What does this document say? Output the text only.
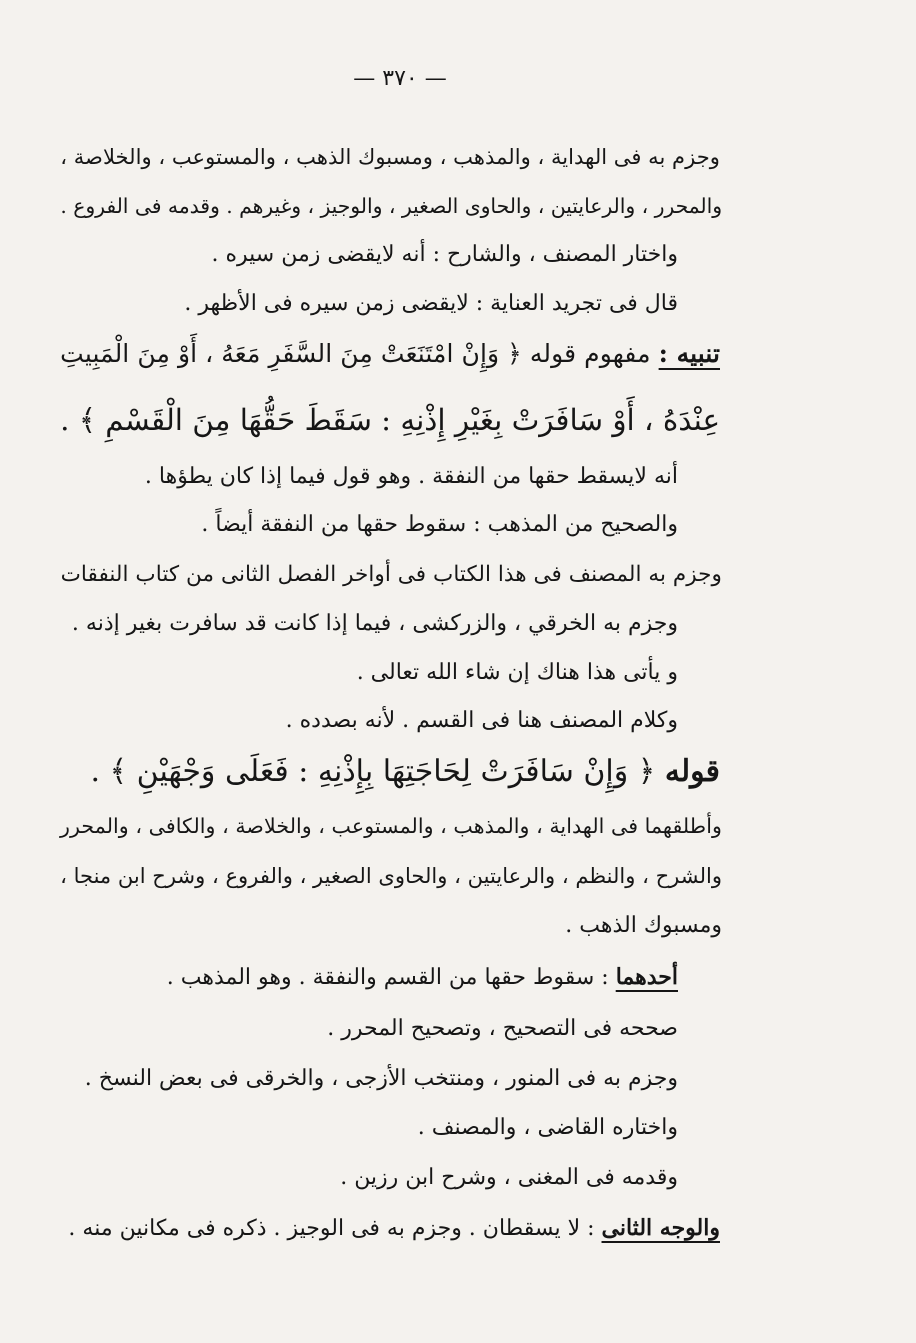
— ٣٧٠ —
وجزم به فى الهداية ، والمذهب ، ومسبوك الذهب ، والمستوعب ، والخلاصة ،
والمحرر ، والرعايتين ، والحاوى الصغير ، والوجيز ، وغيرهم . وقدمه فى الفروع .
واختار المصنف ، والشارح : أنه لايقضى زمن سيره .
قال فى تجريد العناية : لايقضى زمن سيره فى الأظهر .
تنبيه : مفهوم قوله ﴿ وَإِنْ امْتَنَعَتْ مِنَ السَّفَرِ مَعَهُ ، أَوْ مِنَ الْمَبِيتِ
عِنْدَهُ ، أَوْ سَافَرَتْ بِغَيْرِ إِذْنِهِ : سَقَطَ حَقُّهَا مِنَ الْقَسْمِ ﴾ .
أنه لايسقط حقها من النفقة . وهو قول فيما إذا كان يطؤها .
والصحيح من المذهب : سقوط حقها من النفقة أيضاً .
وجزم به المصنف فى هذا الكتاب فى أواخر الفصل الثانى من كتاب النفقات
وجزم به الخرقي ، والزركشى ، فيما إذا كانت قد سافرت بغير إذنه .
و يأتى هذا هناك إن شاء الله تعالى .
وكلام المصنف هنا فى القسم . لأنه بصدده .
قوله ﴿ وَإِنْ سَافَرَتْ لِحَاجَتِهَا بِإِذْنِهِ : فَعَلَى وَجْهَيْنِ ﴾ .
وأطلقهما فى الهداية ، والمذهب ، والمستوعب ، والخلاصة ، والكافى ، والمحرر
والشرح ، والنظم ، والرعايتين ، والحاوى الصغير ، والفروع ، وشرح ابن منجا ،
ومسبوك الذهب .
أحدهما : سقوط حقها من القسم والنفقة . وهو المذهب .
صححه فى التصحيح ، وتصحيح المحرر .
وجزم به فى المنور ، ومنتخب الأزجى ، والخرقى فى بعض النسخ .
واختاره القاضى ، والمصنف .
وقدمه فى المغنى ، وشرح ابن رزين .
والوجه الثانى : لا يسقطان . وجزم به فى الوجيز . ذكره فى مكانين منه .
